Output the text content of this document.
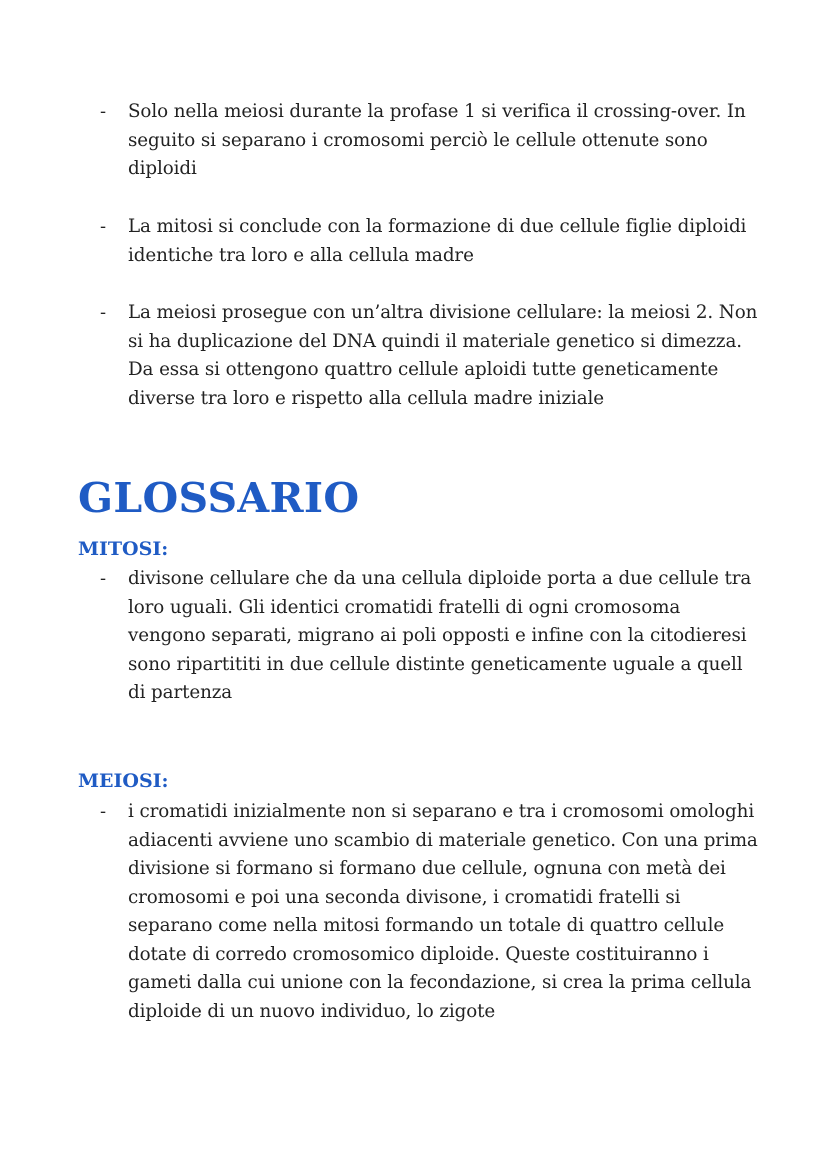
-	Solo nella meiosi durante la profase 1 si verifica il crossing-over. In seguito si separano i cromosomi perciò le cellule ottenute sono diploidi
-	La mitosi si conclude con la formazione di due cellule figlie diploidi identiche tra loro e alla cellula madre
-	La meiosi prosegue con un’altra divisione cellulare: la meiosi 2. Non si ha duplicazione del DNA quindi il materiale genetico si dimezza. Da essa si ottengono quattro cellule aploidi tutte geneticamente diverse tra loro e rispetto alla cellula madre iniziale
GLOSSARIO
MITOSI:
-	divisone cellulare che da una cellula diploide porta a due cellule tra loro uguali. Gli identici cromatidi fratelli di ogni cromosoma vengono separati, migrano ai poli opposti e infine con la citodieresi sono ripartititi in due cellule distinte geneticamente uguale a quell di partenza
MEIOSI:
-	i cromatidi inizialmente non si separano e tra i cromosomi omologhi adiacenti avviene uno scambio di materiale genetico. Con una prima divisione si formano si formano due cellule, ognuna con metà dei cromosomi e poi una seconda divisone, i cromatidi fratelli si separano come nella mitosi formando un totale di quattro cellule dotate di corredo cromosomico diploide. Queste costituiranno i gameti dalla cui unione con la fecondazione, si crea la prima cellula diploide di un nuovo individuo, lo zigote
